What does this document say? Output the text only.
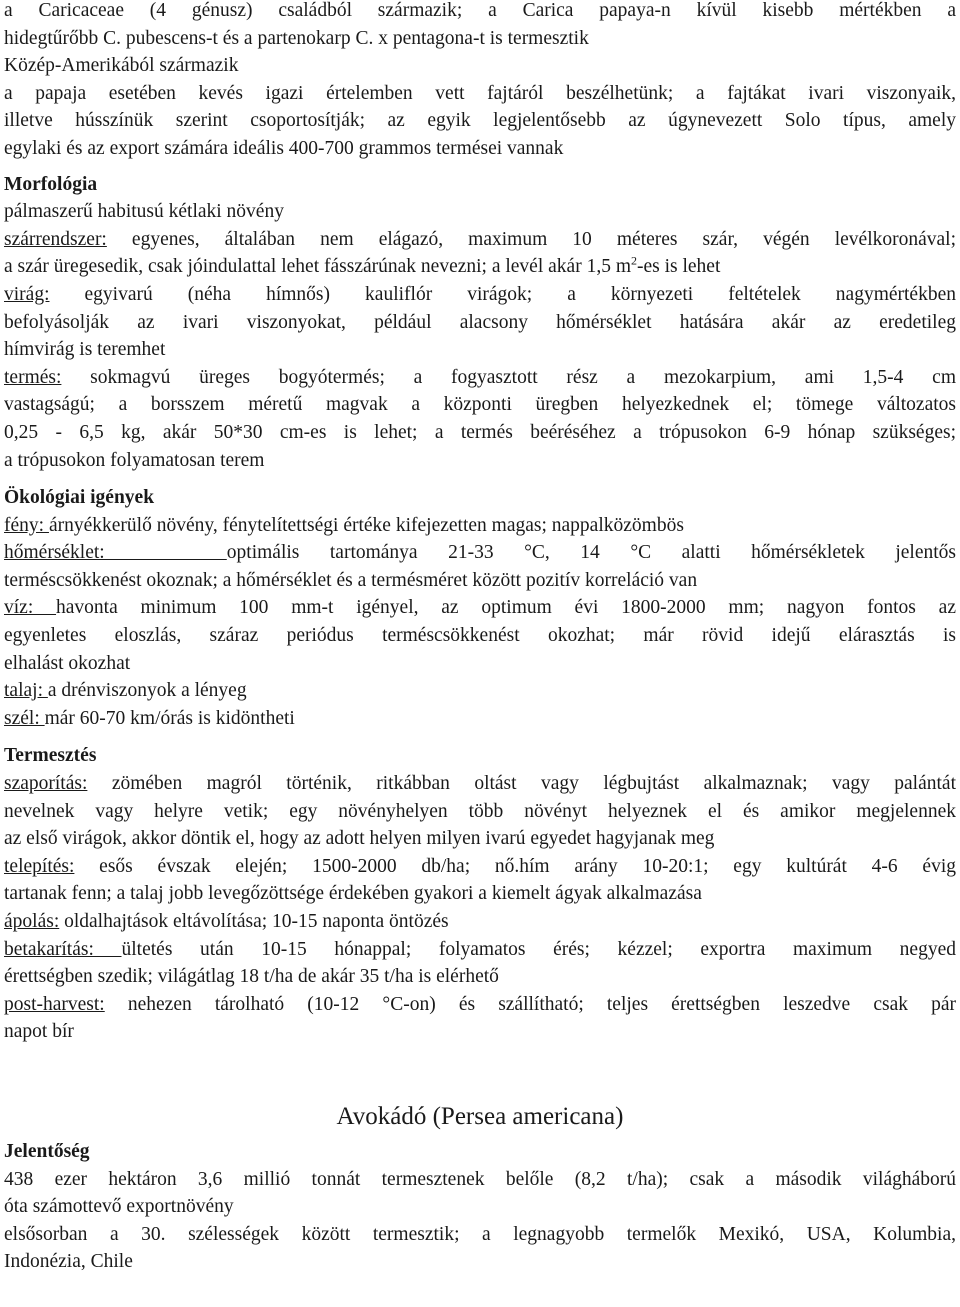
a Caricaceae (4 génusz) családból származik; a Carica papaya-n kívül kisebb mértékben a

hidegtűrőbb C. pubescens-t és a partenokarp C. x pentagona-t is termesztik

Közép-Amerikából származik

a papaja esetében kevés igazi értelemben vett fajtáról beszélhetünk; a fajtákat ivari viszonyaik,

illetve hússzínük szerint csoportosítják; az egyik legjelentősebb az úgynevezett Solo típus, amely

egylaki és az export számára ideális 400-700 grammos termései vannak

Morfológia

pálmaszerű habitusú kétlaki növény

szárrendszer: egyenes, általában nem elágazó, maximum 10 méteres szár, végén levélkoronával;

a szár üregesedik, csak jóindulattal lehet fásszárúnak nevezni; a levél akár 1,5 $m^2-es$ is lehet

virág: egyivarú (néha hímnős) kauliflór virágok; a környezeti feltételek nagymértékben

befolyásolják az ivari viszonyokat, például alacsony hőmérséklet hatására akár az eredetileg

hímvirág is teremhet

termés: sokmagvú üreges bogyótermés; a fogyasztott rész a mezokarpium, ami 1,5-4 cm

vastagságú; a borsszem méretű magvak a központi üregben helyezkednek el; tömege változatos

0,25 - 6,5 kg, akár 50*30 cm-es is lehet; a termés beéréséhez a trópusokon 6-9 hónap szükséges;

a trópusokon folyamatosan terem

Ökológiai igények

fény: árnyékkerülő növény, fénytelítettségi értéke kifejezetten magas; nappalközömbös

hőmérséklet:    optimális tartománya 21-33 °C, 14 °C alatti hőmérsékletek jelentős

terméscsökkenést okoznak; a hőmérséklet és a termésméret között pozitív korreláció van

víz: havonta minimum 100 mm-t igényel, az optimum évi 1800-2000 mm; nagyon fontos az

egyenletes eloszlás, száraz periódus terméscsökkenést okozhat; már rövid idejű elárasztás is

elhalást okozhat

talaj: a drénviszonyok a lényeg

szél: már 60-70 km/órás is kidöntheti

Termesztés

szaporítás: zömében magról történik, ritkábban oltást vagy légbujtást alkalmaznak; vagy palántát

nevelnek vagy helyre vetik; egy növényhelyen több növényt helyeznek el és amikor megjelennek

az első virágok, akkor döntik el, hogy az adott helyen milyen ivarú egyedet hagyjanak meg

telepítés: esős évszak elején; 1500-2000 db/ha; nő.hím arány 10-20:1; egy kultúrát 4-6 évig

tartanak fenn; a talaj jobb levegőzöttsége érdekében gyakori a kiemelt ágyak alkalmazása

ápolás: oldalhajtások eltávolítása; 10-15 naponta öntözés

betakarítás: ültetés után 10-15 hónappal; folyamatos érés; kézzel; exportra maximum negyed

érettségben szedik; világátlag 18 t/ha de akár 35 t/ha is elérhető

post-harvest: nehezen tárolható (10-12 °C-on) és szállítható; teljes érettségben leszedve csak pár

napot bír

Avokádó (Persea americana)
Jelentőség

438 ezer hektáron 3,6 millió tonnát termesztenek belőle (8,2 t/ha); csak a második világháború

óta számottevő exportnövény

elsősorban a 30. szélességek között termesztik; a legnagyobb termelők Mexikó, USA, Kolumbia,

Indonézia, Chile
